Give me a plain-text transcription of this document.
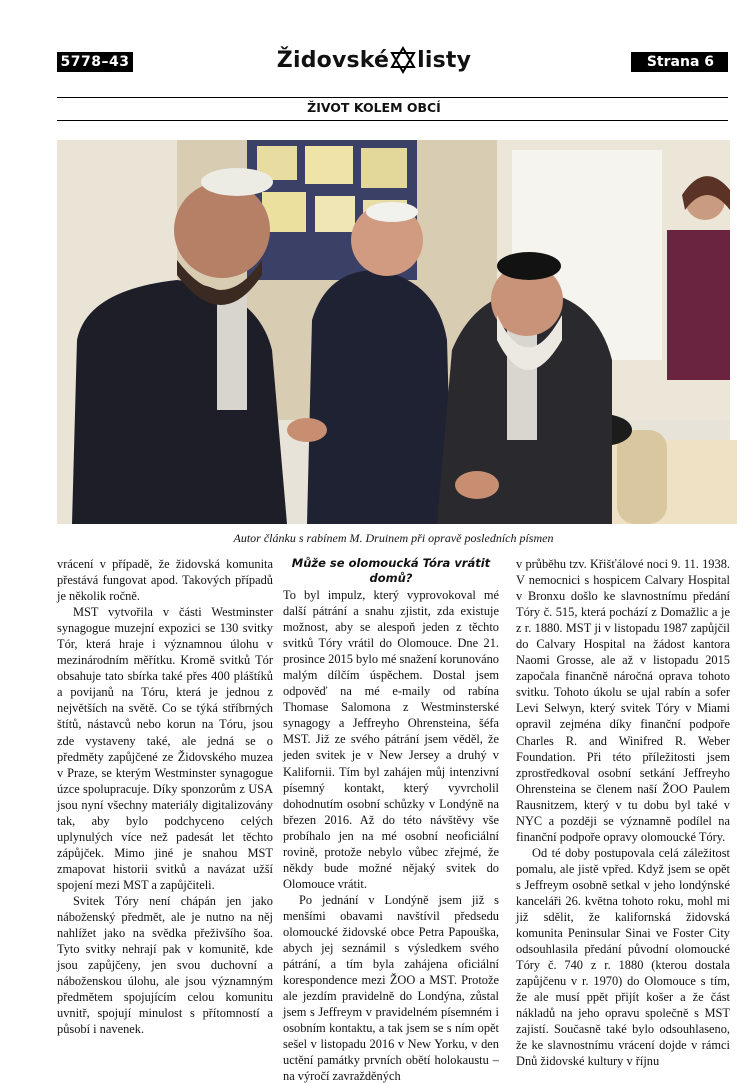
5778–43	Židovské listy	Strana 6
ŽIVOT KOLEM OBCÍ
Autor článku s rabínem M. Druinem při opravě posledních písmen

vrácení v případě, že židovská komunita přestává fungovat apod. Takových případů je několik ročně.

MST vytvořila v části Westminster synagogue muzejní expozici se 130 svitky Tór, která hraje i významnou úlohu v mezinárodním měřítku. Kromě svitků Tór obsahuje tato sbírka také přes 400 pláštíků a povijanů na Tóru, která je jednou z největších na světě. Co se týká stříbrných štítů, nástavců nebo korun na Tóru, jsou zde vystaveny také, ale jedná se o předměty zapůjčené ze Židovského muzea v Praze, se kterým Westminster synagogue úzce spolupracuje. Díky sponzorům z USA jsou nyní všechny materiály digitalizovány tak, aby bylo podchyceno celých uplynulých více než padesát let těchto zápůjček. Mimo jiné je snahou MST zmapovat historii svitků a navázat užší spojení mezi MST a zapůjčiteli.

Svitek Tóry není chápán jen jako náboženský předmět, ale je nutno na něj nahlížet jako na svědka přeživšího šoa. Tyto svitky nehrají pak v komunitě, kde jsou zapůjčeny, jen svou duchovní a náboženskou úlohu, ale jsou významným předmětem spojujícím celou komunitu uvnitř, spojují minulost s přítomností a působí i navenek.

Může se olomoucká Tóra vrátit domů?

To byl impulz, který vyprovokoval mé další pátrání a snahu zjistit, zda existuje možnost, aby se alespoň jeden z těchto svitků Tóry vrátil do Olomouce. Dne 21. prosince 2015 bylo mé snažení korunováno malým dílčím úspěchem. Dostal jsem odpověď na mé e-maily od rabína Thomase Salomona z Westminsterské synagogy a Jeffreyho Ohrensteina, šéfa MST. Již ze svého pátrání jsem věděl, že jeden svitek je v New Jersey a druhý v Kalifornii. Tím byl zahájen můj intenzivní písemný kontakt, který vyvrcholil dohodnutím osobní schůzky v Londýně na březen 2016. Až do této návštěvy vše probíhalo jen na mé osobní neoficiální rovině, protože nebylo vůbec zřejmé, že někdy bude možné nějaký svitek do Olomouce vrátit.

Po jednání v Londýně jsem již s menšími obavami navštívil předsedu olomoucké židovské obce Petra Papouška, abych jej seznámil s výsledkem svého pátrání, a tím byla zahájena oficiální korespondence mezi ŽOO a MST. Protože ale jezdím pravidelně do Londýna, zůstal jsem s Jeffreym v pravidelném písemném i osobním kontaktu, a tak jsem se s ním opět sešel v listopadu 2016 v New Yorku, v den uctění památky prvních obětí holokaustu – na výročí zavražděných

v průběhu tzv. Křišťálové noci 9. 11. 1938. V nemocnici s hospicem Calvary Hospital v Bronxu došlo ke slavnostnímu předání Tóry č. 515, která pochází z Domažlic a je z r. 1880. MST ji v listopadu 1987 zapůjčil do Calvary Hospital na žádost kantora Naomi Grosse, ale až v listopadu 2015 započala finančně náročná oprava tohoto svitku. Tohoto úkolu se ujal rabín a sofer Levi Selwyn, který svitek Tóry v Miami opravil zejména díky finanční podpoře Charles R. and Winifred R. Weber Foundation. Při této příležitosti jsem zprostředkoval osobní setkání Jeffreyho Ohrensteina se členem naší ŽOO Paulem Rausnitzem, který v tu dobu byl také v NYC a později se významně podílel na finanční podpoře opravy olomoucké Tóry.

Od té doby postupovala celá záležitost pomalu, ale jistě vpřed. Když jsem se opět s Jeffreym osobně setkal v jeho londýnské kanceláři 26. května tohoto roku, mohl mi již sdělit, že kalifornská židovská komunita Peninsular Sinai ve Foster City odsouhlasila předání původní olomoucké Tóry č. 740 z r. 1880 (kterou dostala zapůjčenu v r. 1970) do Olomouce s tím, že ale musí ppět přijít košer a že část nákladů na jeho opravu společně s MST zajistí. Současně také bylo odsouhlaseno, že ke slavnostnímu vrácení dojde v rámci Dnů židovské kultury v říjnu
